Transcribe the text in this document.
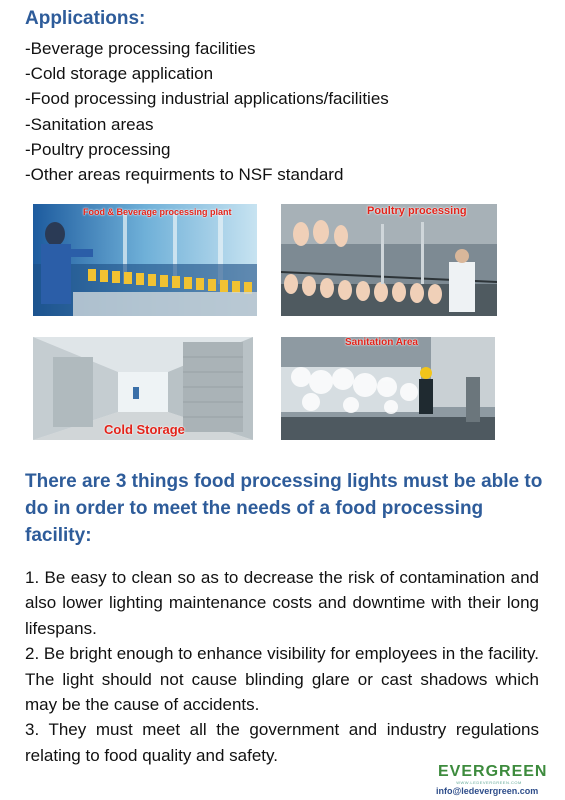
Applications:
-Beverage processing facilities
-Cold storage application
-Food processing industrial applications/facilities
-Sanitation areas
-Poultry processing
-Other areas requirments to NSF standard
Food & Beverage processing plant	Poultry processing
Cold Storage
Sanitation Area
There are 3 things food processing lights must be able to do in order to meet the needs of a food processing facility:

1. Be easy to clean so as to decrease the risk of contamination and also lower lighting maintenance costs and downtime with their long lifespans.

2. Be bright enough to enhance visibility for employees in the facility. The light should not cause blinding glare or cast shadows which may be the cause of accidents.

3. They must meet all the government and industry regulations relating to food quality and safety.

EVERGREEN
WWW.LEDEVERGREEN.COM
info@ledevergreen.com
